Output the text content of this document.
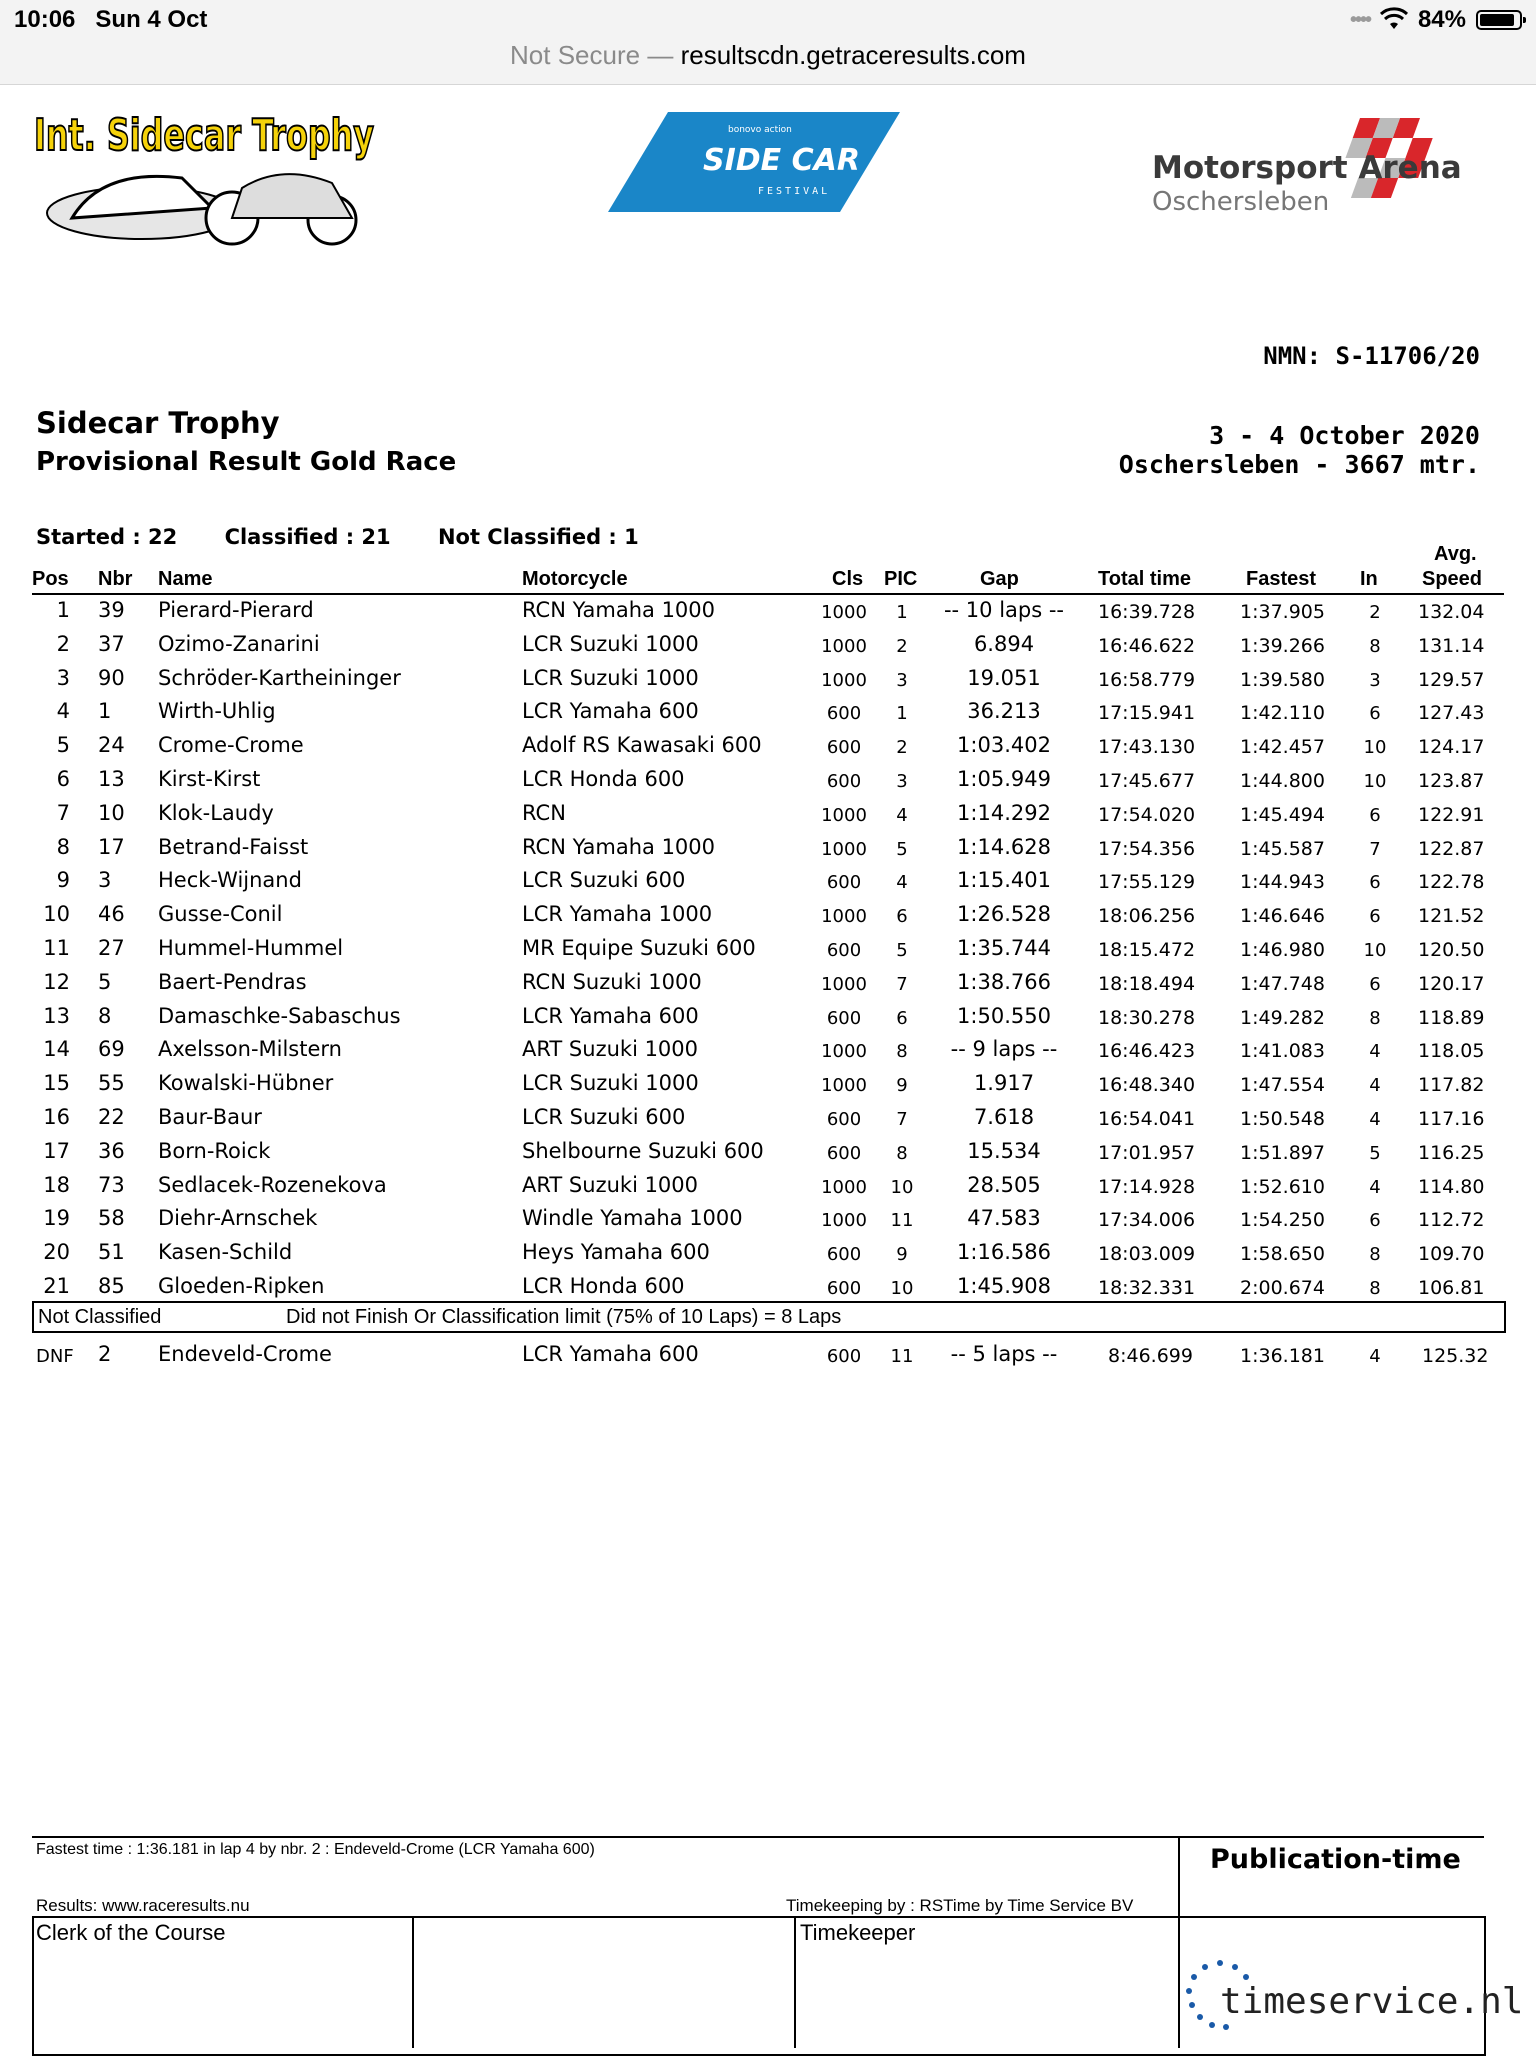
10:06 Sun 4 Oct	•••• 84%
Not Secure — resultscdn.getraceresults.com
Int. Sidecar Trophy	bonovo action
SIDE CAR
FESTIVAL
Motorsport Arena
Oschersleben
NMN: S-11706/20
Sidecar Trophy
Provisional Result Gold Race
3 - 4 October 2020
Oschersleben - 3667 mtr.
Started : 22 Classified : 21 Not Classified : 1
Pos Nbr Name	Motorcycle	Cls PIC	Gap	Total time	Fastest In
Avg.
Speed
1 39 Pierard-Pierard	RCN Yamaha 1000	1000	1	-- 10 laps --	16:39.728 1:37.905	2	132.04
2 37 Ozimo-Zanarini	LCR Suzuki 1000	1000	2	6.894	16:46.622 1:39.266	8	131.14
3 90 Schröder-Kartheininger	LCR Suzuki 1000	1000	3	19.051	16:58.779 1:39.580	3	129.57
4 1 Wirth-Uhlig	LCR Yamaha 600	600	1	36.213	17:15.941 1:42.110	6	127.43
5 24 Crome-Crome	Adolf RS Kawasaki 600	600	2	1:03.402	17:43.130 1:42.457 10 124.17
6 13 Kirst-Kirst	LCR Honda 600	600	3	1:05.949	17:45.677 1:44.800 10 123.87
7 10 Klok-Laudy	RCN	1000	4	1:14.292	17:54.020 1:45.494	6	122.91
8 17 Betrand-Faisst	RCN Yamaha 1000	1000	5	1:14.628	17:54.356 1:45.587	7	122.87
9 3 Heck-Wijnand	LCR Suzuki 600	600	4	1:15.401	17:55.129 1:44.943	6	122.78
10 46 Gusse-Conil	LCR Yamaha 1000	1000	6	1:26.528	18:06.256 1:46.646	6	121.52
11 27 Hummel-Hummel	MR Equipe Suzuki 600	600	5	1:35.744	18:15.472 1:46.980 10 120.50
12 5 Baert-Pendras	RCN Suzuki 1000	1000	7	1:38.766	18:18.494 1:47.748	6	120.17
13 8 Damaschke-Sabaschus	LCR Yamaha 600	600	6	1:50.550	18:30.278 1:49.282	8	118.89
14 69 Axelsson-Milstern	ART Suzuki 1000	1000	8	-- 9 laps --	16:46.423 1:41.083	4	118.05
15 55 Kowalski-Hübner	LCR Suzuki 1000	1000	9	1.917	16:48.340 1:47.554	4	117.82
16 22 Baur-Baur	LCR Suzuki 600	600	7	7.618	16:54.041 1:50.548	4	117.16
17 36 Born-Roick	Shelbourne Suzuki 600	600	8	15.534	17:01.957 1:51.897	5	116.25
18 73 Sedlacek-Rozenekova	ART Suzuki 1000	1000 10	28.505	17:14.928 1:52.610	4	114.80
19 58 Diehr-Arnschek	Windle Yamaha 1000	1000 11	47.583	17:34.006 1:54.250	6	112.72
20 51 Kasen-Schild	Heys Yamaha 600	600	9	1:16.586	18:03.009 1:58.650	8	109.70
21 85 Gloeden-Ripken	LCR Honda 600	600	10	1:45.908	18:32.331 2:00.674	8	106.81
Not Classified	Did not Finish Or Classification limit (75% of 10 Laps) = 8 Laps
DNF 2 Endeveld-Crome	LCR Yamaha 600	600	11	-- 5 laps --	8:46.699 1:36.181	4	125.32
Fastest time : 1:36.181 in lap 4 by nbr. 2 : Endeveld-Crome (LCR Yamaha 600)	Publication-time
Results: www.raceresults.nu	Timekeeping by : RSTime by Time Service BV
Clerk of the Course	Timekeeper
timeservice.nl
